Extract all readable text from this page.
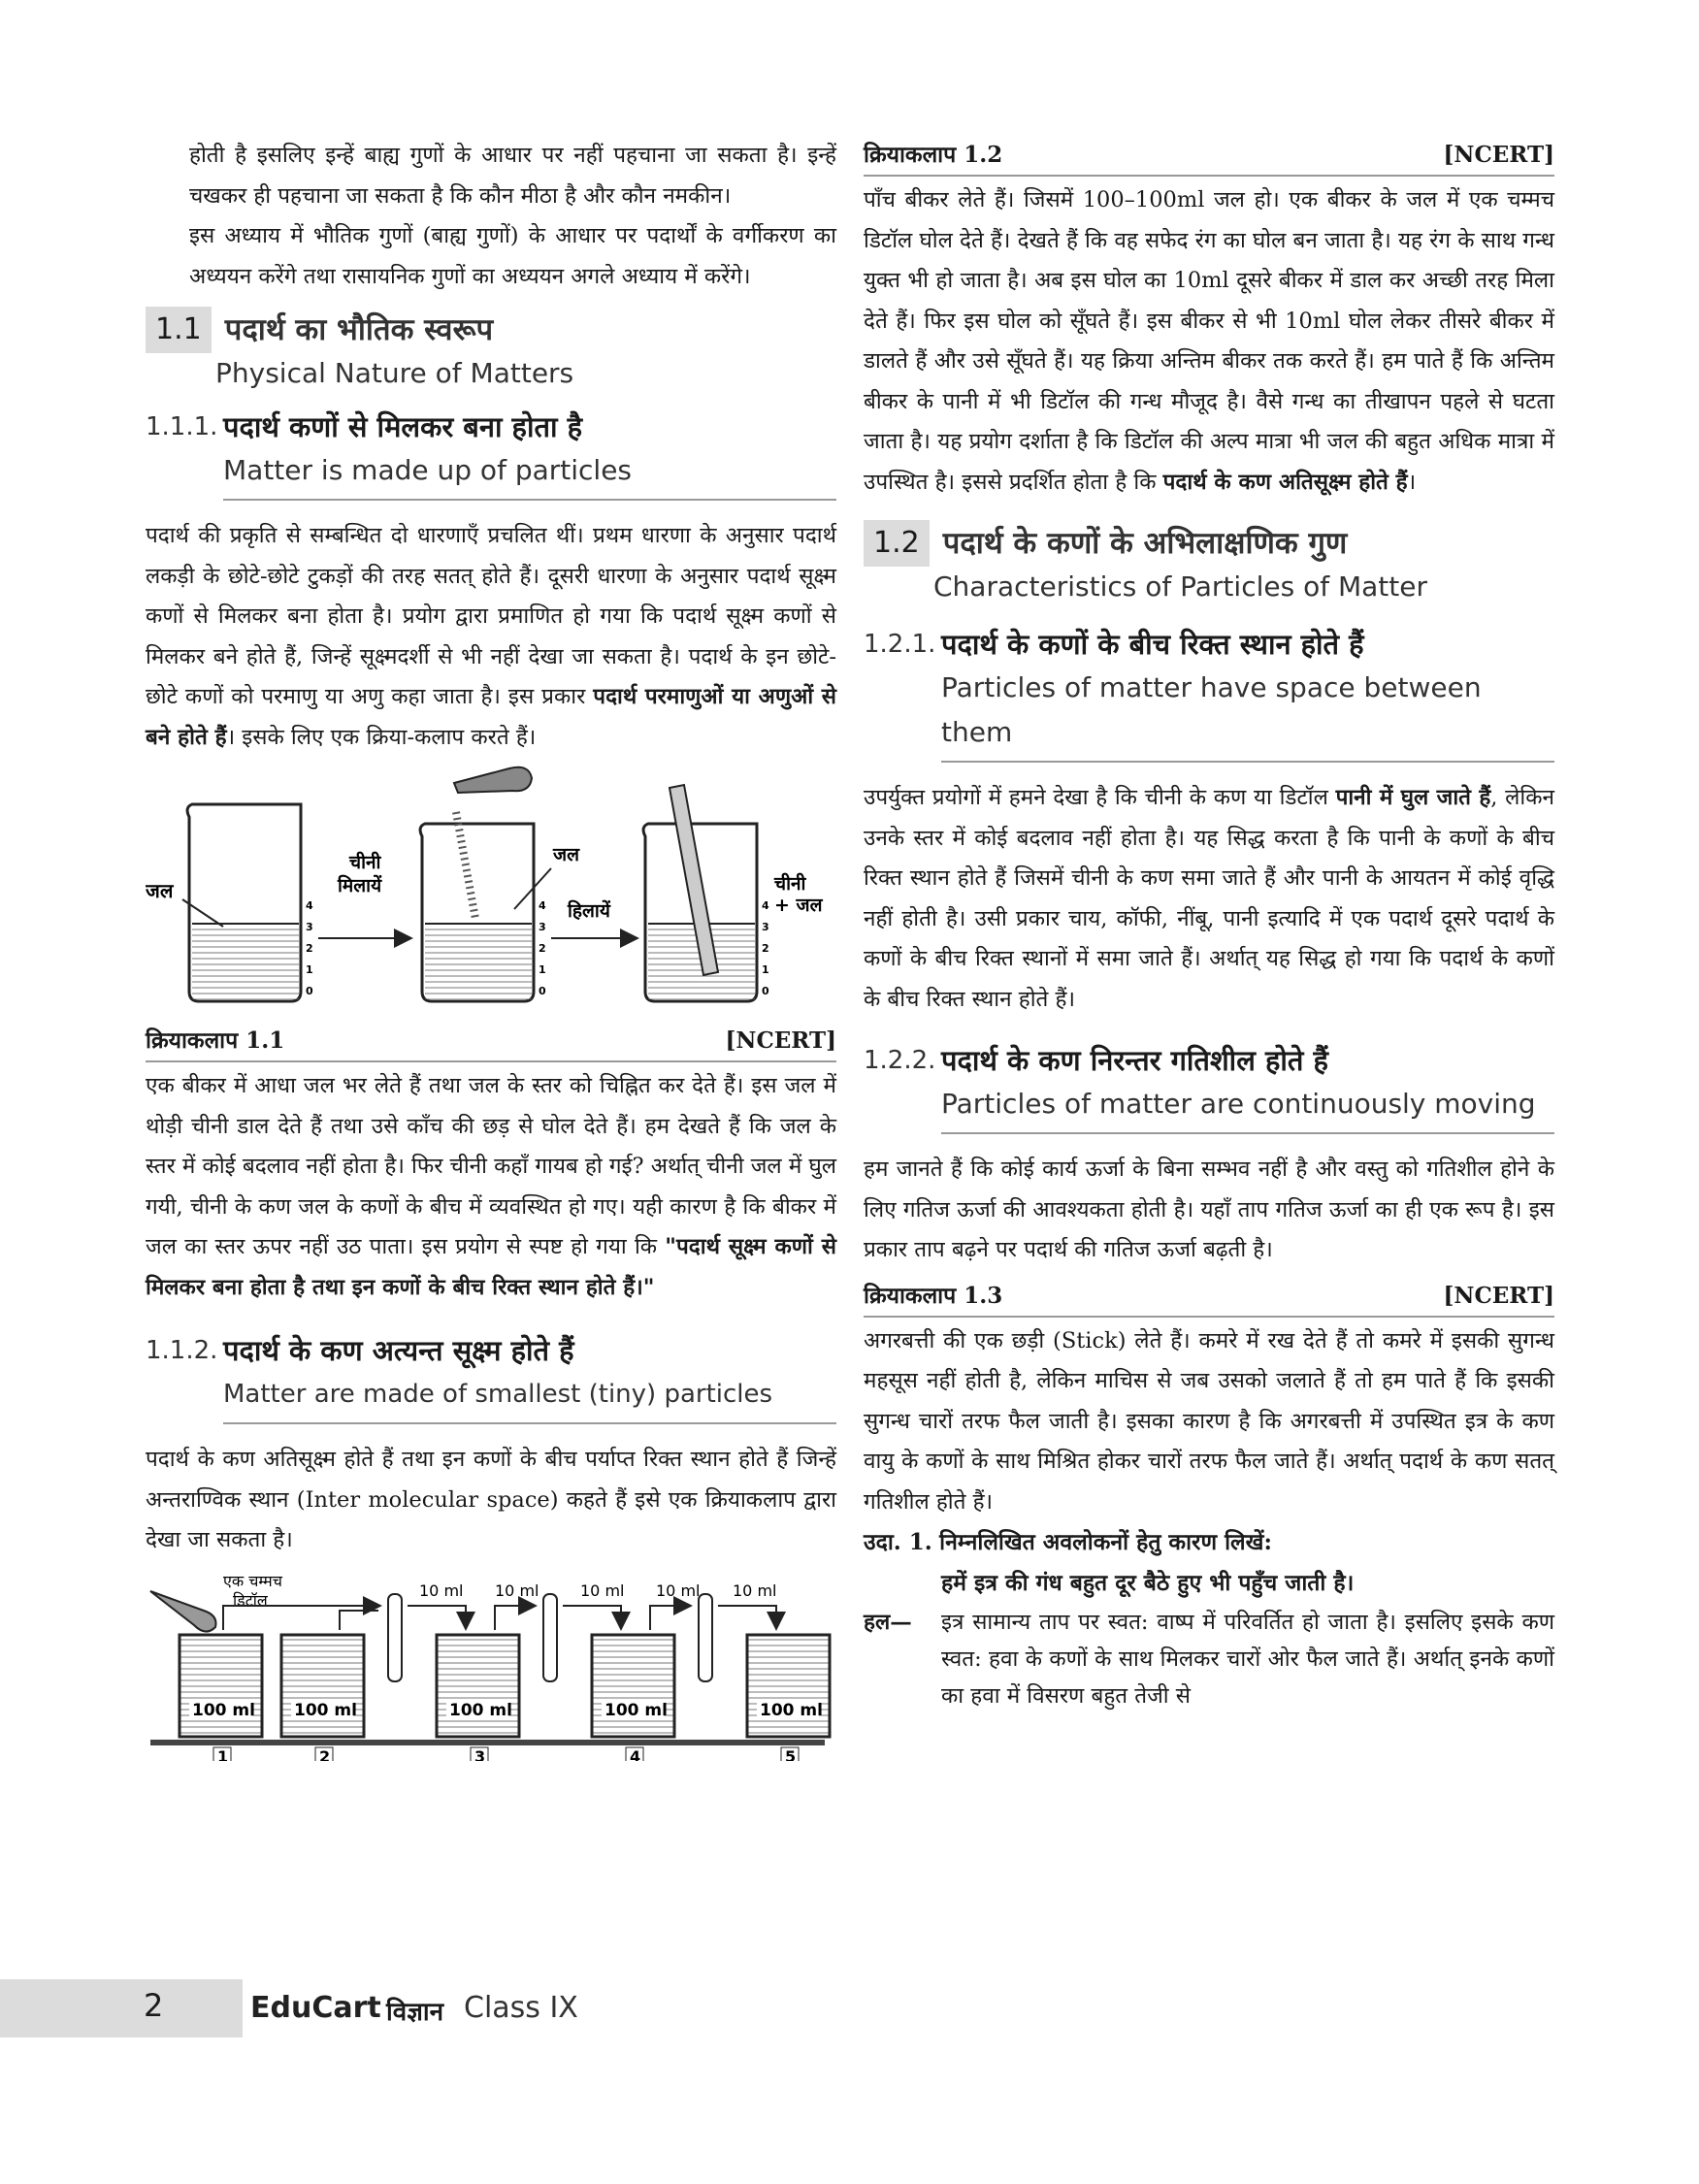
होती है इसलिए इन्हें बाह्य गुणों के आधार पर नहीं पहचाना जा सकता है। इन्हें चखकर ही पहचाना जा सकता है कि कौन मीठा है और कौन नमकीन।

इस अध्याय में भौतिक गुणों (बाह्य गुणों) के आधार पर पदार्थों के वर्गीकरण का अध्ययन करेंगे तथा रासायनिक गुणों का अध्ययन अगले अध्याय में करेंगे।

1.1 पदार्थ का भौतिक स्वरूप
Physical Nature of Matters
1.1.1. पदार्थ कणों से मिलकर बना होता है
Matter is made up of particles

पदार्थ की प्रकृति से सम्बन्धित दो धारणाएँ प्रचलित थीं। प्रथम धारणा के अनुसार पदार्थ लकड़ी के छोटे-छोटे टुकड़ों की तरह सतत् होते हैं। दूसरी धारणा के अनुसार पदार्थ सूक्ष्म कणों से मिलकर बना होता है। प्रयोग द्वारा प्रमाणित हो गया कि पदार्थ सूक्ष्म कणों से मिलकर बने होते हैं, जिन्हें सूक्ष्मदर्शी से भी नहीं देखा जा सकता है। पदार्थ के इन छोटे-छोटे कणों को परमाणु या अणु कहा जाता है। इस प्रकार पदार्थ परमाणुओं या अणुओं से बने होते हैं। इसके लिए एक क्रिया-कलाप करते हैं।

जल
4
3
2
1
0
चीनी
मिलायें
जल
4
3
2
1
0
हिलायें	4
3
2
1
0
चीनी
+ जल
क्रियाकलाप 1.1	[NCERT]

एक बीकर में आधा जल भर लेते हैं तथा जल के स्तर को चिह्नित कर देते हैं। इस जल में थोड़ी चीनी डाल देते हैं तथा उसे काँच की छड़ से घोल देते हैं। हम देखते हैं कि जल के स्तर में कोई बदलाव नहीं होता है। फिर चीनी कहाँ गायब हो गई? अर्थात् चीनी जल में घुल गयी, चीनी के कण जल के कणों के बीच में व्यवस्थित हो गए। यही कारण है कि बीकर में जल का स्तर ऊपर नहीं उठ पाता। इस प्रयोग से स्पष्ट हो गया कि "पदार्थ सूक्ष्म कणों से मिलकर बना होता है तथा इन कणों के बीच रिक्त स्थान होते हैं।"

1.1.2. पदार्थ के कण अत्यन्त सूक्ष्म होते हैं
Matter are made of smallest (tiny) particles

पदार्थ के कण अतिसूक्ष्म होते हैं तथा इन कणों के बीच पर्याप्त रिक्त स्थान होते हैं जिन्हें अन्तराण्विक स्थान (Inter molecular space) कहते हैं इसे एक क्रियाकलाप द्वारा देखा जा सकता है।

एक चम्मच
डिटॉल
100 ml 100 ml	100 ml	100 ml	100 ml
10 ml 10 ml	10 ml 10 ml 10 ml
1	2	3	4	5
क्रियाकलाप 1.2	[NCERT]

पाँच बीकर लेते हैं। जिसमें 100–100ml जल हो। एक बीकर के जल में एक चम्मच डिटॉल घोल देते हैं। देखते हैं कि वह सफेद रंग का घोल बन जाता है। यह रंग के साथ गन्ध युक्त भी हो जाता है। अब इस घोल का 10ml दूसरे बीकर में डाल कर अच्छी तरह मिला देते हैं। फिर इस घोल को सूँघते हैं। इस बीकर से भी 10ml घोल लेकर तीसरे बीकर में डालते हैं और उसे सूँघते हैं। यह क्रिया अन्तिम बीकर तक करते हैं। हम पाते हैं कि अन्तिम बीकर के पानी में भी डिटॉल की गन्ध मौजूद है। वैसे गन्ध का तीखापन पहले से घटता जाता है। यह प्रयोग दर्शाता है कि डिटॉल की अल्प मात्रा भी जल की बहुत अधिक मात्रा में उपस्थित है। इससे प्रदर्शित होता है कि पदार्थ के कण अतिसूक्ष्म होते हैं।

1.2 पदार्थ के कणों के अभिलाक्षणिक गुण
Characteristics of Particles of Matter
1.2.1. पदार्थ के कणों के बीच रिक्त स्थान होते हैं
Particles of matter have space between them

उपर्युक्त प्रयोगों में हमने देखा है कि चीनी के कण या डिटॉल पानी में घुल जाते हैं, लेकिन उनके स्तर में कोई बदलाव नहीं होता है। यह सिद्ध करता है कि पानी के कणों के बीच रिक्त स्थान होते हैं जिसमें चीनी के कण समा जाते हैं और पानी के आयतन में कोई वृद्धि नहीं होती है। उसी प्रकार चाय, कॉफी, नींबू, पानी इत्यादि में एक पदार्थ दूसरे पदार्थ के कणों के बीच रिक्त स्थानों में समा जाते हैं। अर्थात् यह सिद्ध हो गया कि पदार्थ के कणों के बीच रिक्त स्थान होते हैं।

1.2.2. पदार्थ के कण निरन्तर गतिशील होते हैं
Particles of matter are continuously moving

हम जानते हैं कि कोई कार्य ऊर्जा के बिना सम्भव नहीं है और वस्तु को गतिशील होने के लिए गतिज ऊर्जा की आवश्यकता होती है। यहाँ ताप गतिज ऊर्जा का ही एक रूप है। इस प्रकार ताप बढ़ने पर पदार्थ की गतिज ऊर्जा बढ़ती है।

क्रियाकलाप 1.3	[NCERT]

अगरबत्ती की एक छड़ी (Stick) लेते हैं। कमरे में रख देते हैं तो कमरे में इसकी सुगन्ध महसूस नहीं होती है, लेकिन माचिस से जब उसको जलाते हैं तो हम पाते हैं कि इसकी सुगन्ध चारों तरफ फैल जाती है। इसका कारण है कि अगरबत्ती में उपस्थित इत्र के कण वायु के कणों के साथ मिश्रित होकर चारों तरफ फैल जाते हैं। अर्थात् पदार्थ के कण सतत् गतिशील होते हैं।

उदा. 1. निम्नलिखित अवलोकनों हेतु कारण लिखें:
हमें इत्र की गंध बहुत दूर बैठे हुए भी पहुँच जाती है।
हल—	इत्र सामान्य ताप पर स्वत: वाष्प में परिवर्तित हो जाता है। इसलिए इसके कण स्वत: हवा के कणों के साथ मिलकर चारों ओर फैल जाते हैं। अर्थात् इनके कणों का हवा में विसरण बहुत तेजी से
2	EduCart विज्ञान Class IX
